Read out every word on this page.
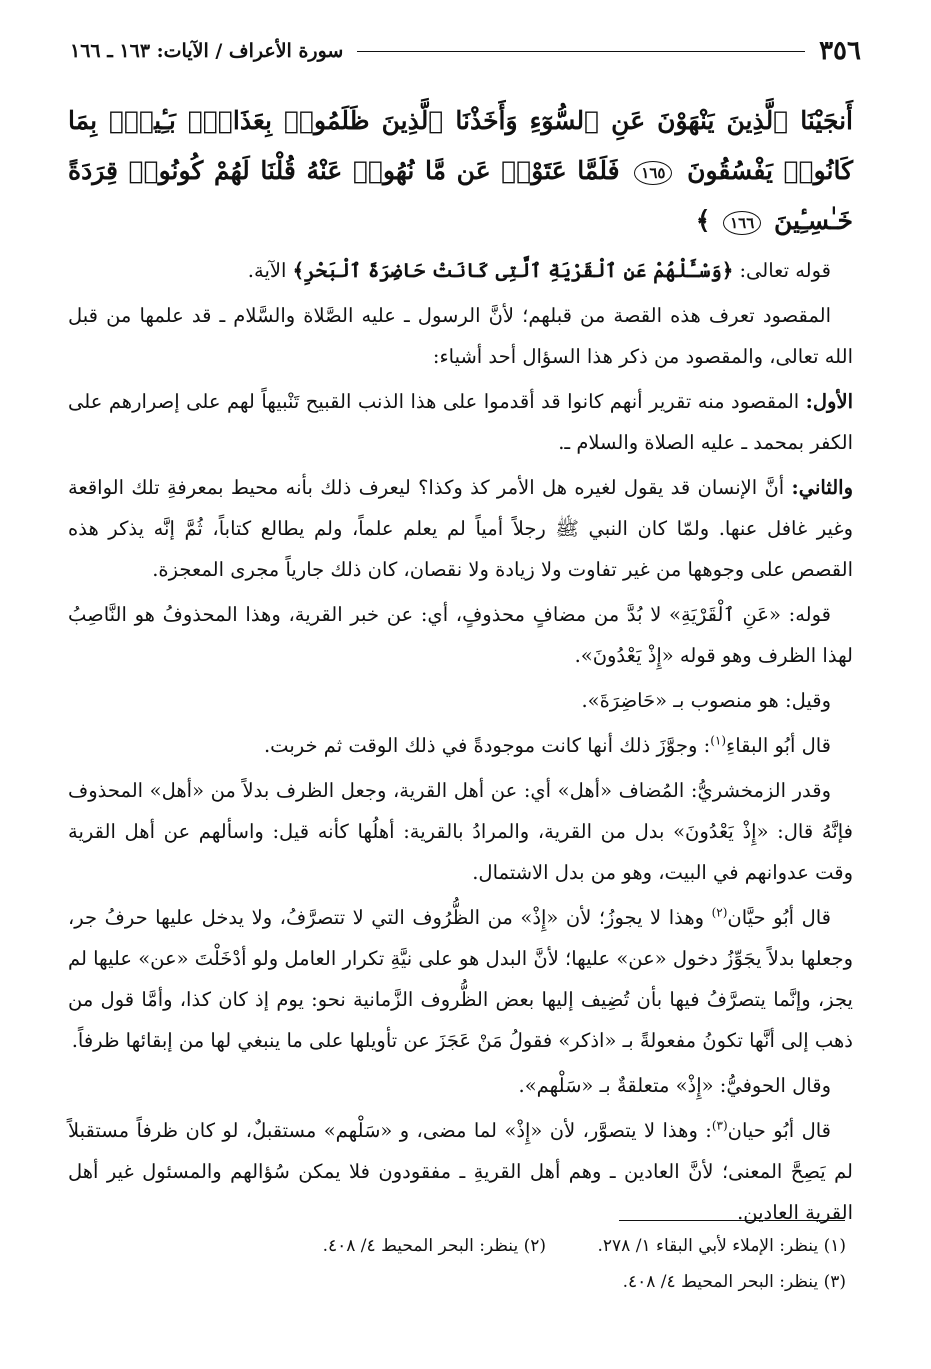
٣٥٦
سورة الأعراف / الآيات: ١٦٣ ـ ١٦٦
أَنجَيْنَا ٱلَّذِينَ يَنْهَوْنَ عَنِ ٱلسُّوٓءِ وَأَخَذْنَا ٱلَّذِينَ ظَلَمُوا۟ بِعَذَابٍۭ بَـِٔيسٍۭ بِمَا كَانُوا۟ يَفْسُقُونَ ١٦٥ فَلَمَّا عَتَوْا۟ عَن مَّا نُهُوا۟ عَنْهُ قُلْنَا لَهُمْ كُونُوا۟ قِرَدَةً خَـٰسِـِٔينَ ١٦٦ ﴾
قوله تعالى: ﴿وَسْـَٔلْهُمْ عَنِ ٱلْقَرْيَةِ ٱلَّتِى كَانَتْ حَاضِرَةَ ٱلْبَحْرِ﴾ الآية.
المقصود تعرف هذه القصة من قبلهم؛ لأنَّ الرسول ـ عليه الصَّلاة والسَّلام ـ قد علمها من قبل الله تعالى، والمقصود من ذكر هذا السؤال أحد أشياء:
الأول: المقصود منه تقرير أنهم كانوا قد أقدموا على هذا الذنب القبيح تَنْبيهاً لهم على إصرارهم على الكفر بمحمد ـ عليه الصلاة والسلام ـ.
والثاني: أنَّ الإنسان قد يقول لغيره هل الأمر كذ وكذا؟ ليعرف ذلك بأنه محيط بمعرفةِ تلك الواقعة وغير غافل عنها. ولمّا كان النبي ﷺ رجلاً أمياً لم يعلم علماً، ولم يطالع كتاباً، ثُمَّ إنَّه يذكر هذه القصص على وجوهها من غير تفاوت ولا زيادة ولا نقصان، كان ذلك جارياً مجرى المعجزة.
قوله: «عَنِ ٱلْقَرْيَةِ» لا بُدَّ من مضافٍ محذوفٍ، أي: عن خبر القرية، وهذا المحذوفُ هو النَّاصِبُ لهذا الظرف وهو قوله «إِذْ يَعْدُونَ».
وقيل: هو منصوب بـ «حَاضِرَةَ».
قال أبُو البقاءِ$^{(١)}$: وجوَّزَ ذلك أنها كانت موجودةً في ذلك الوقت ثم خربت.
وقدر الزمخشريُّ: المُضاف «أهل» أي: عن أهل القرية، وجعل الظرف بدلاً من «أهل» المحذوف فإنَّهُ قال: «إِذْ يَعْدُونَ» بدل من القرية، والمرادُ بالقرية: أهلُها كأنه قيل: واسألهم عن أهل القرية وقت عدوانهم في البيت، وهو من بدل الاشتمال.
قال أبُو حيَّان$^{(٢)}$ وهذا لا يجوزُ؛ لأن «إِذْ» من الظُّرُوف التي لا تتصرَّفُ، ولا يدخل عليها حرفُ جر، وجعلها بدلاً يجَوِّزُ دخول «عن» عليها؛ لأنَّ البدل هو على نيَّةِ تكرار العامل ولو أدْخَلْتَ «عن» عليها لم يجز، وإنَّما يتصرَّفُ فيها بأن تُضِيف إليها بعض الظُّروف الزَّمانية نحو: يوم إذ كان كذا، وأمَّا قول من ذهب إلى أنَّها تكونُ مفعولةً بـ «اذكر» فقولُ مَنْ عَجَزَ عن تأويلها على ما ينبغي لها من إبقائها ظرفاً.
وقال الحوفيُّ: «إِذْ» متعلقةٌ بـ «سَلْهم».
قال أبُو حيان$^{(٣)}$: وهذا لا يتصوَّر، لأن «إِذْ» لما مضى، و «سَلْهم» مستقبلٌ، لو كان ظرفاً مستقبلاً لم يَصِحَّ المعنى؛ لأنَّ العادين ـ وهم أهل القريةِ ـ مفقودون فلا يمكن سُؤالهم والمسئول غير أهل القرية العادين.
(١) ينظر: الإملاء لأبي البقاء ١/ ٢٧٨.
(٢) ينظر: البحر المحيط ٤/ ٤٠٨.
(٣) ينظر: البحر المحيط ٤/ ٤٠٨.
